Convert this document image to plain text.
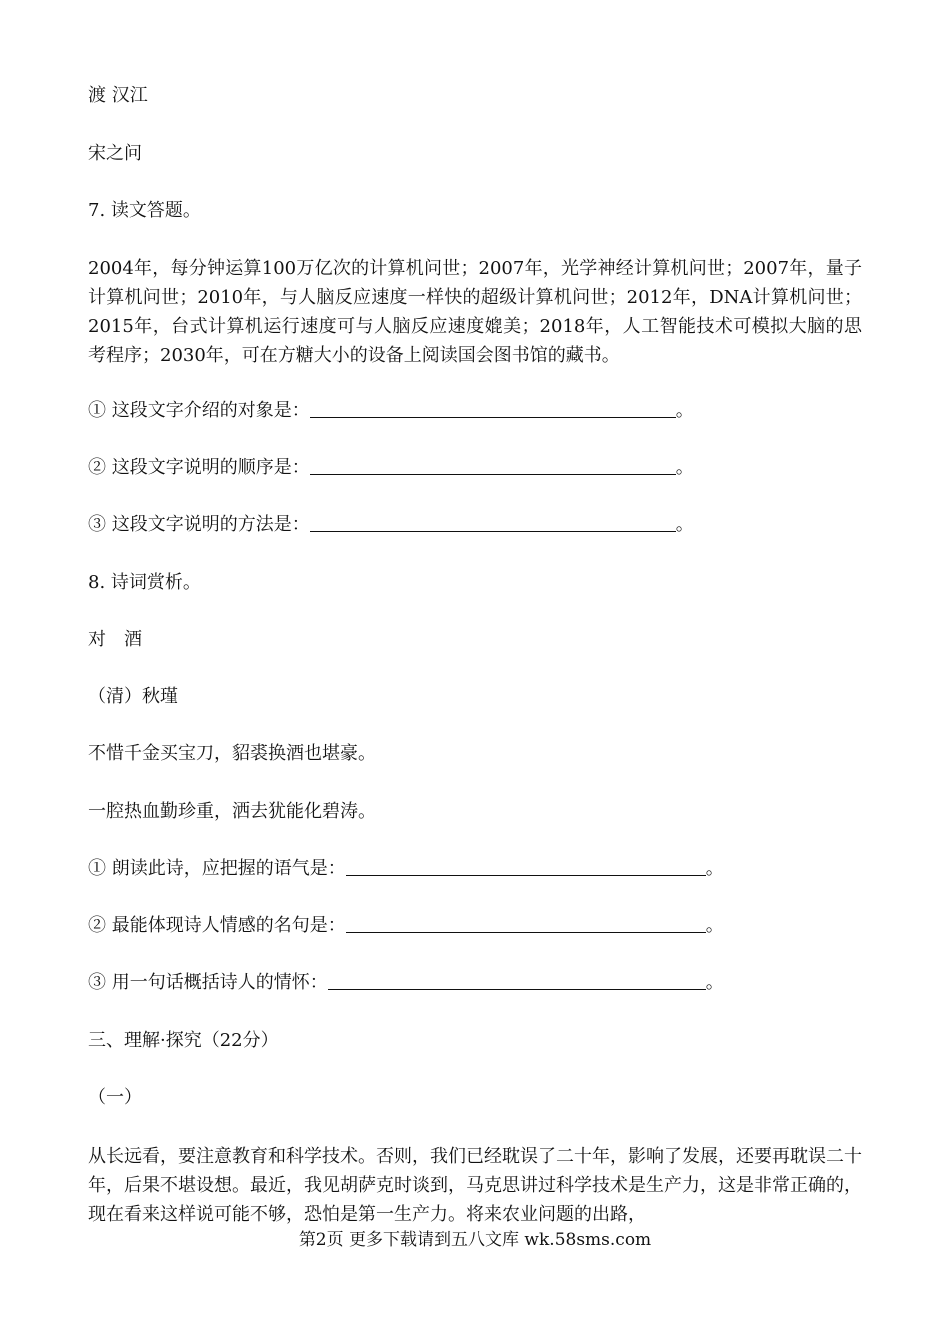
渡 汉江
宋之问
7. 读文答题。
2004年，每分钟运算100万亿次的计算机问世；2007年，光学神经计算机问世；2007年，量子计算机问世；2010年，与人脑反应速度一样快的超级计算机问世；2012年，DNA计算机问世；2015年，台式计算机运行速度可与人脑反应速度媲美；2018年，人工智能技术可模拟大脑的思考程序；2030年，可在方糖大小的设备上阅读国会图书馆的藏书。
① 这段文字介绍的对象是：	。
② 这段文字说明的顺序是：	。
③ 这段文字说明的方法是：	。
8. 诗词赏析。
对　酒
（清）秋瑾
不惜千金买宝刀，貂裘换酒也堪豪。
一腔热血勤珍重，洒去犹能化碧涛。
① 朗读此诗，应把握的语气是：	。
② 最能体现诗人情感的名句是：	。
③ 用一句话概括诗人的情怀：	。
三、理解·探究（22分）
（一）
从长远看，要注意教育和科学技术。否则，我们已经耽误了二十年，影响了发展，还要再耽误二十年，后果不堪设想。最近，我见胡萨克时谈到，马克思讲过科学技术是生产力，这是非常正确的，现在看来这样说可能不够，恐怕是第一生产力。将来农业问题的出路，
第2页 更多下载请到五八文库 wk.58sms.com
